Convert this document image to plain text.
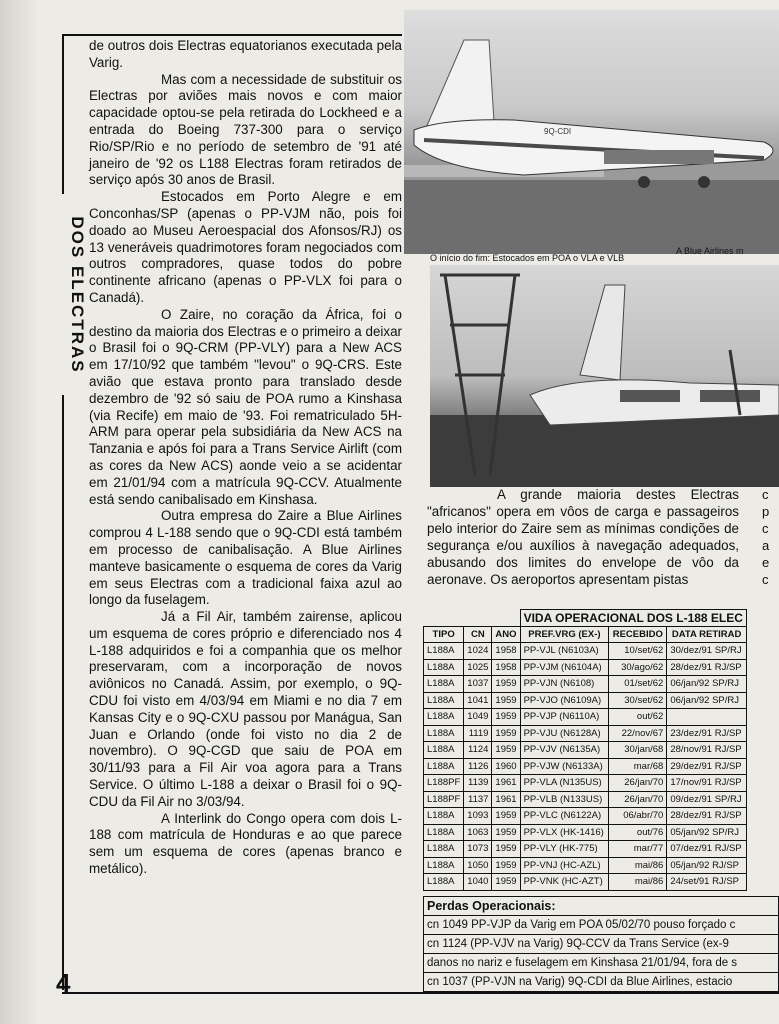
DOS ELECTRAS
4

de outros dois Electras equatorianos executada pela Varig.

Mas com a necessidade de substituir os Electras por aviões mais novos e com maior capacidade optou-se pela retirada do Lockheed e a entrada do Boeing 737-300 para o serviço Rio/SP/Rio e no período de setembro de '91 até janeiro de '92 os L188 Electras foram retirados de serviço após 30 anos de Brasil.

Estocados em Porto Alegre e em Conconhas/SP (apenas o PP-VJM não, pois foi doado ao Museu Aeroespacial dos Afonsos/RJ) os 13 veneráveis quadrimotores foram negociados com outros compradores, quase todos do pobre continente africano (apenas o PP-VLX foi para o Canadá).

O Zaire, no coração da África, foi o destino da maioria dos Electras e o primeiro a deixar o Brasil foi o 9Q-CRM (PP-VLY) para a New ACS em 17/10/92 que também "levou" o 9Q-CRS. Este avião que estava pronto para translado desde dezembro de '92 só saiu de POA rumo a Kinshasa (via Recife) em maio de '93. Foi rematriculado 5H-ARM para operar pela subsidiária da New ACS na Tanzania e após foi para a Trans Service Airlift (com as cores da New ACS) aonde veio a se acidentar em 21/01/94 com a matrícula 9Q-CCV. Atualmente está sendo canibalisado em Kinshasa.

Outra empresa do Zaire a Blue Airlines comprou 4 L-188 sendo que o 9Q-CDI está também em processo de canibalisação. A Blue Airlines manteve basicamente o esquema de cores da Varig em seus Electras com a tradicional faixa azul ao longo da fuselagem.

Já a Fil Air, também zairense, aplicou um esquema de cores próprio e diferenciado nos 4 L-188 adquiridos e foi a companhia que os melhor preservaram, com a incorporação de novos aviônicos no Canadá. Assim, por exemplo, o 9Q-CDU foi visto em 4/03/94 em Miami e no dia 7 em Kansas City e o 9Q-CXU passou por Manágua, San Juan e Orlando (onde foi visto no dia 2 de novembro). O 9Q-CGD que saiu de POA em 30/11/93 para a Fil Air voa agora para a Trans Service. O último L-188 a deixar o Brasil foi o 9Q-CDU da Fil Air no 3/03/94.

A Interlink do Congo opera com dois L-188 com matrícula de Honduras e ao que parece sem um esquema de cores (apenas branco e metálico).

9Q-CDI
O início do fim: Estocados em POA o VLA e VLB
A Blue Airlines m

A grande maioria destes Electras "africanos" opera em vôos de carga e passageiros pelo interior do Zaire sem as mínimas condições de segurança e/ou auxílios à navegação adequados, abusando dos limites do envelope de vôo da aeronave. Os aeroportos apresentam pistas

c
p
c
a
e
c
			VIDA OPERACIONAL DOS L-188 ELEC		
TIPO	CN	ANO	PREF.VRG (EX-)	RECEBIDO	DATA RETIRAD
L188A	1024	1958	PP-VJL (N6103A)	10/set/62	30/dez/91 SP/RJ
L188A	1025	1958	PP-VJM (N6104A)	30/ago/62	28/dez/91 RJ/SP
L188A	1037	1959	PP-VJN (N6108)	01/set/62	06/jan/92 SP/RJ
L188A	1041	1959	PP-VJO (N6109A)	30/set/62	06/jan/92 SP/RJ
L188A	1049	1959	PP-VJP (N6110A)	out/62	
L188A	1119	1959	PP-VJU (N6128A)	22/nov/67	23/dez/91 RJ/SP
L188A	1124	1959	PP-VJV (N6135A)	30/jan/68	28/nov/91 RJ/SP
L188A	1126	1960	PP-VJW (N6133A)	mar/68	29/dez/91 RJ/SP
L188PF	1139	1961	PP-VLA (N135US)	26/jan/70	17/nov/91 RJ/SP
L188PF	1137	1961	PP-VLB (N133US)	26/jan/70	09/dez/91 SP/RJ
L188A	1093	1959	PP-VLC (N6122A)	06/abr/70	28/dez/91 RJ/SP
L188A	1063	1959	PP-VLX (HK-1416)	out/76	05/jan/92 SP/RJ
L188A	1073	1959	PP-VLY (HK-775)	mar/77	07/dez/91 RJ/SP
L188A	1050	1959	PP-VNJ (HC-AZL)	mai/86	05/jan/92 RJ/SP
L188A	1040	1959	PP-VNK (HC-AZT)	mai/86	24/set/91 RJ/SP
Perdas Operacionais:
cn 1049 PP-VJP da Varig em POA 05/02/70 pouso forçado c
cn 1124 (PP-VJV na Varig) 9Q-CCV da Trans Service (ex-9
danos no nariz e fuselagem em Kinshasa 21/01/94, fora de s
cn 1037 (PP-VJN na Varig) 9Q-CDI da Blue Airlines, estacio
